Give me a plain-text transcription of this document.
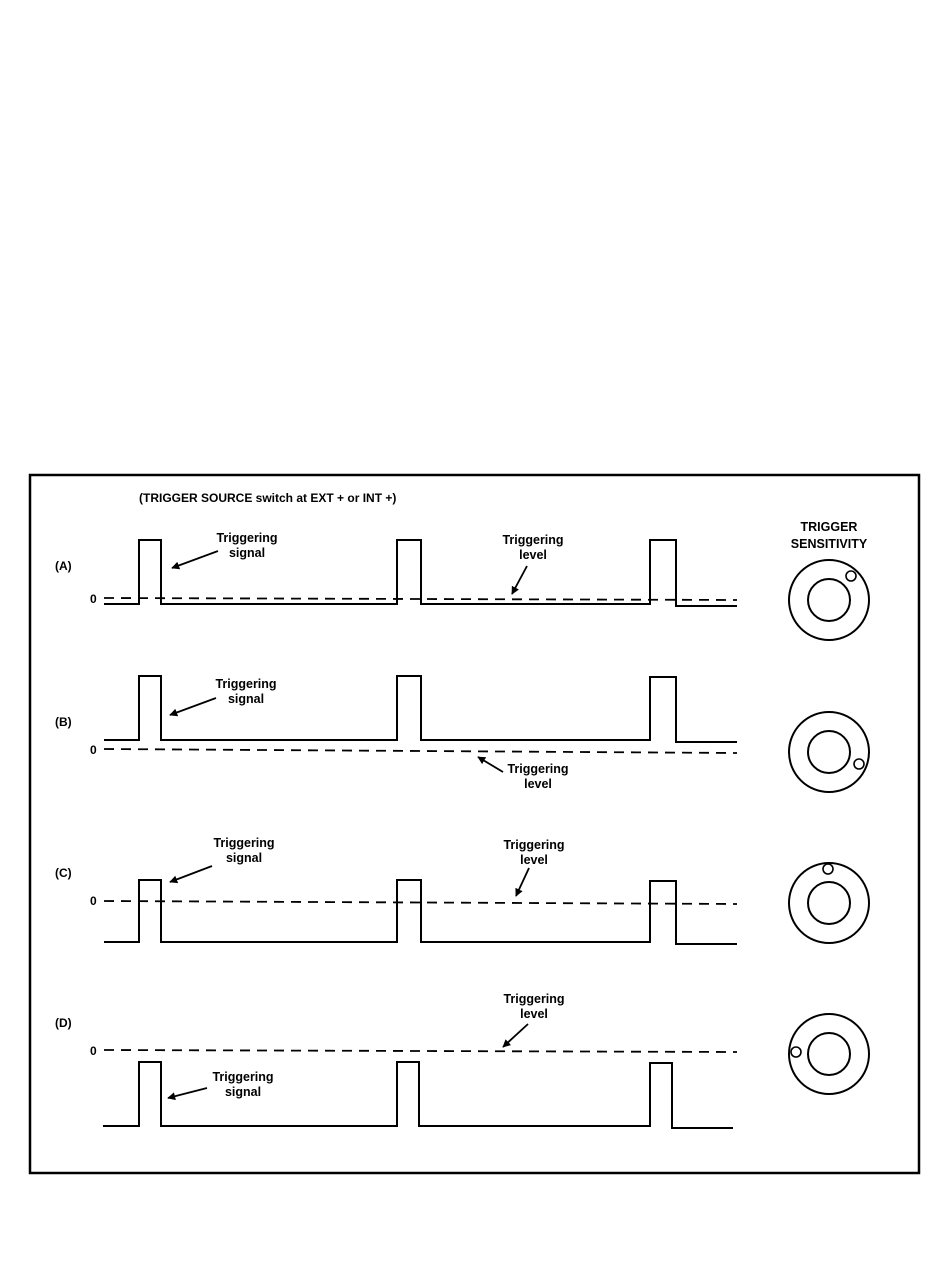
(TRIGGER SOURCE switch at EXT + or INT +)
TRIGGER
SENSITIVITY
(A)
0
Triggering
signal
Triggering
level
(B)
0
Triggering
signal
Triggering
level
(C)
0
Triggering
signal
Triggering
level
(D)
0
Triggering
signal
Triggering
level
